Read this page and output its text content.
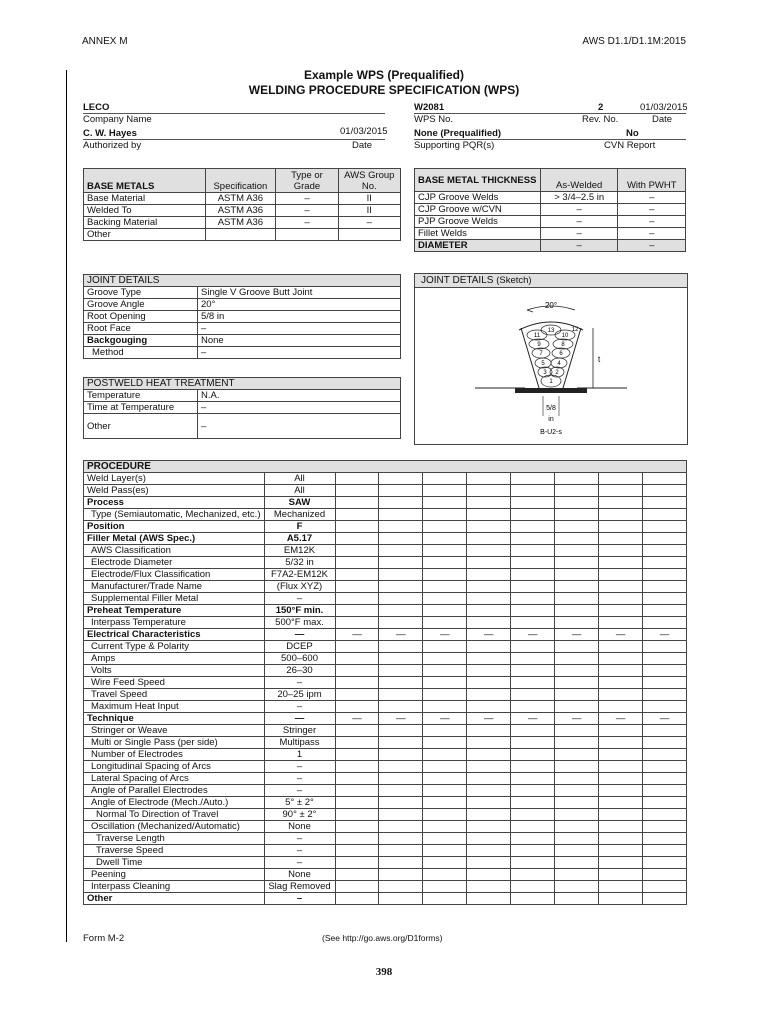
ANNEX M	AWS D1.1/D1.1M:2015
Example WPS (Prequalified)
WELDING PROCEDURE SPECIFICATION (WPS)
LECO
Company Name
C. W. Hayes	01/03/2015
Authorized by	Date
W2081	2	01/03/2015
WPS No.	Rev. No.	Date
None (Prequalified)	No
Supporting PQR(s)	CVN Report
BASE METALS	Specification	Type or Grade	AWS Group No.
Base Material	ASTM A36	–	II
Welded To	ASTM A36	–	II
Backing Material	ASTM A36	–	–
Other			
BASE METAL THICKNESS	As-Welded	With PWHT
CJP Groove Welds	> 3/4–2.5 in	–
CJP Groove w/CVN	–	–
PJP Groove Welds	–	–
Fillet Welds	–	–
DIAMETER	–	–
JOINT DETAILS	
Groove Type	Single V Groove Butt Joint
Groove Angle	20°
Root Opening	5/8 in
Root Face	–
Backgouging	None
Method	–
POSTWELD HEAT TREATMENT	
Temperature	N.A.
Time at Temperature	–
Other	–
JOINT DETAILS (Sketch)
20°
1
2
3
4
5
6
7
8
9
10
11
12
13
t
5/8
in
B-U2-s
PROCEDURE									
Weld Layer(s)	All								
Weld Pass(es)	All								
Process	SAW								
Type (Semiautomatic, Mechanized, etc.)	Mechanized								
Position	F								
Filler Metal (AWS Spec.)	A5.17								
AWS Classification	EM12K								
Electrode Diameter	5/32 in								
Electrode/Flux Classification	F7A2-EM12K								
Manufacturer/Trade Name	(Flux XYZ)								
Supplemental Filler Metal	–								
Preheat Temperature	150°F min.								
Interpass Temperature	500°F max.								
Electrical Characteristics	—	—	—	—	—	—	—	—	—
Current Type & Polarity	DCEP								
Amps	500–600								
Volts	26–30								
Wire Feed Speed	–								
Travel Speed	20–25 ipm								
Maximum Heat Input	–								
Technique	—	—	—	—	—	—	—	—	—
Stringer or Weave	Stringer								
Multi or Single Pass (per side)	Multipass								
Number of Electrodes	1								
Longitudinal Spacing of Arcs	–								
Lateral Spacing of Arcs	–								
Angle of Parallel Electrodes	–								
Angle of Electrode (Mech./Auto.)	5° ± 2°								
Normal To Direction of Travel	90° ± 2°								
Oscillation (Mechanized/Automatic)	None								
Traverse Length	–								
Traverse Speed	–								
Dwell Time	–								
Peening	None								
Interpass Cleaning	Slag Removed								
Other	–								
Form M-2	(See http://go.aws.org/D1forms)
398
